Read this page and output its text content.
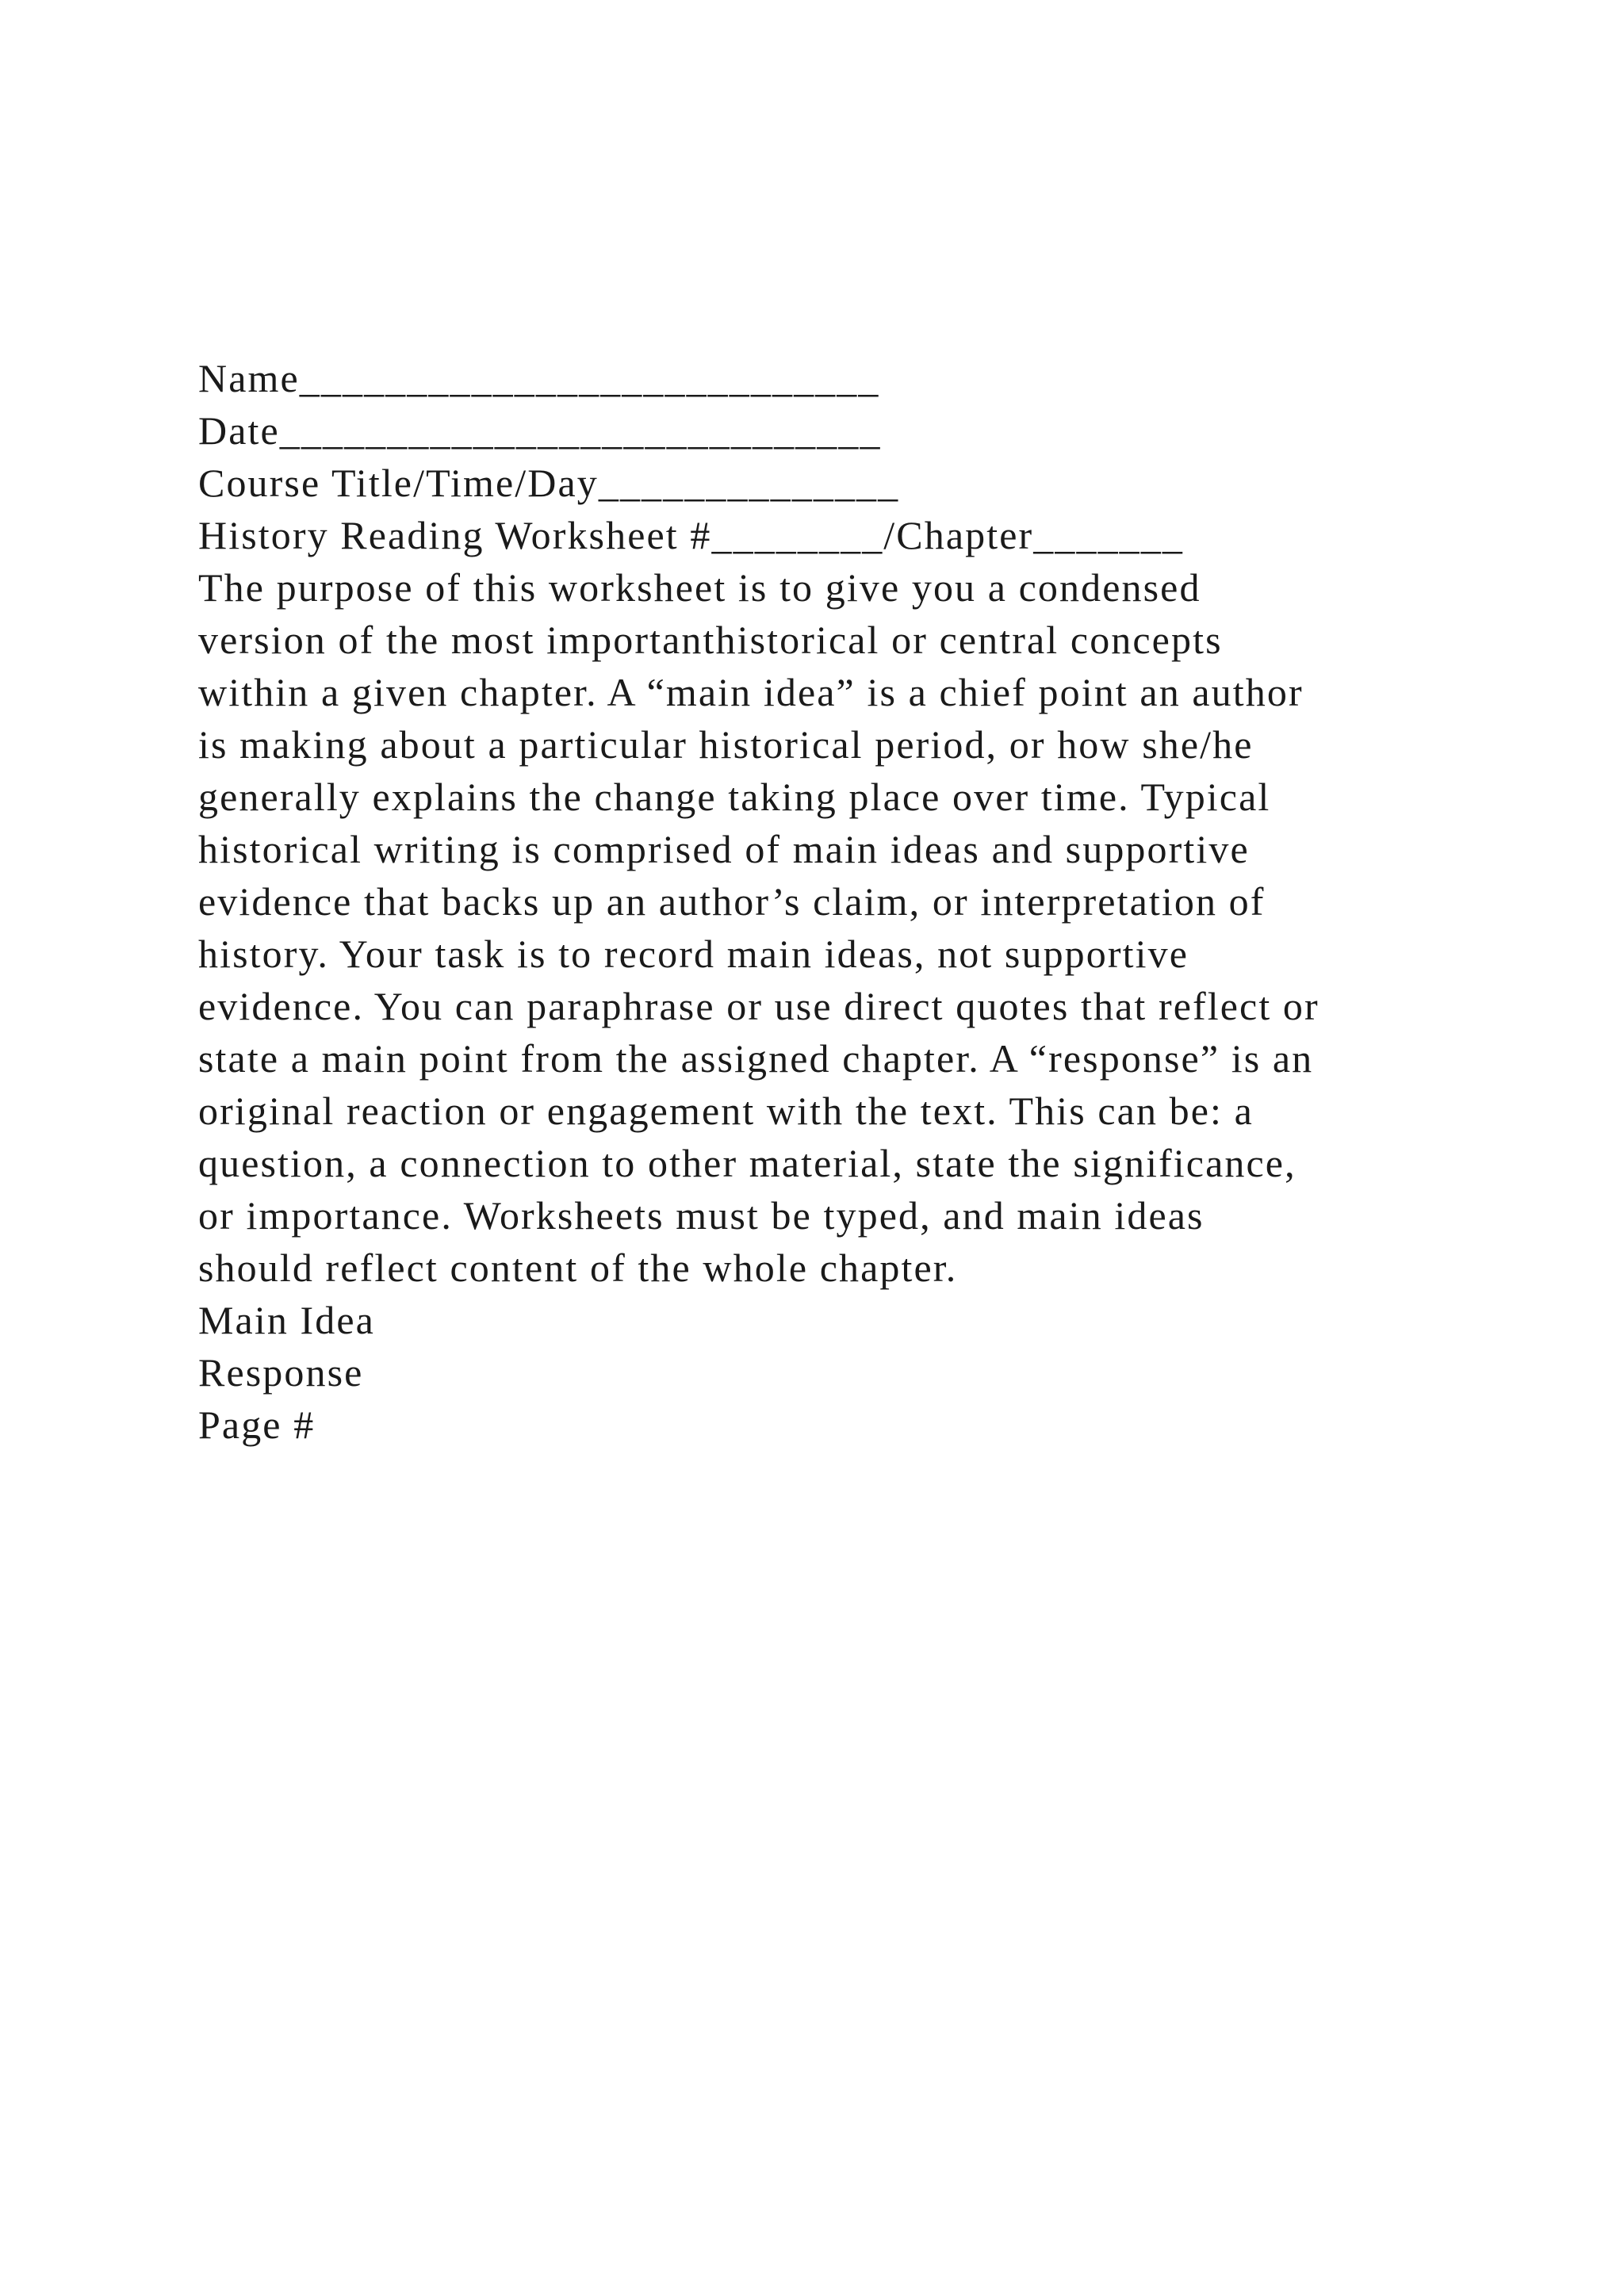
Name___________________________
Date____________________________
Course Title/Time/Day______________
History Reading Worksheet #________/Chapter_______
The purpose of this worksheet is to give you a condensed
version of the most importanthistorical or central concepts
within a given chapter. A “main idea” is a chief point an author
is making about a particular historical period, or how she/he
generally explains the change taking place over time. Typical
historical writing is comprised of main ideas and supportive
evidence that backs up an author’s claim, or interpretation of
history. Your task is to record main ideas, not supportive
evidence. You can paraphrase or use direct quotes that reflect or
state a main point from the assigned chapter. A “response” is an
original reaction or engagement with the text. This can be: a
question, a connection to other material, state the significance,
or importance. Worksheets must be typed, and main ideas
should reflect content of the whole chapter.
Main Idea
Response
Page #
